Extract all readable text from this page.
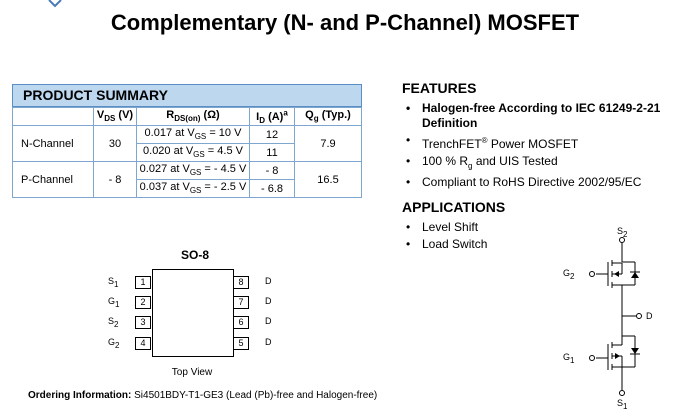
Complementary (N- and P-Channel) MOSFET
PRODUCT SUMMARY
	$V_{DS}$ (V)	$R_{DS(on)}$ (Ω)	$I_D$ $(A)^a$	$Q_g$ (Typ.)
N-Channel	30	0.017 at $V_{GS} = 10$ V	12	7.9
		0.020 at $V_{GS} = 4.5$ V	11	
P-Channel	- 8	0.027 at $V_{GS}$ = - 4.5 V	- 8	16.5
		0.037 at $V_{GS}$ = - 2.5 V	- 6.8	
FEATURES
• Halogen-free According to IEC 61249-2-21 Definition
• TrenchFET® Power MOSFET
• 100 % $R_g$ and UIS Tested
• Compliant to RoHS Directive 2002/95/EC
APPLICATIONS
• Level Shift
• Load Switch
SO-8
1
2
3
4
8
7
6
5
$S_1$
$G_1$
$S_2$
$G_2$
D
D
D
D
Top View
$S_2$
$G_2$
D
$G_1$
$S_1$
Ordering Information: Si4501BDY-T1-GE3 (Lead (Pb)-free and Halogen-free)
